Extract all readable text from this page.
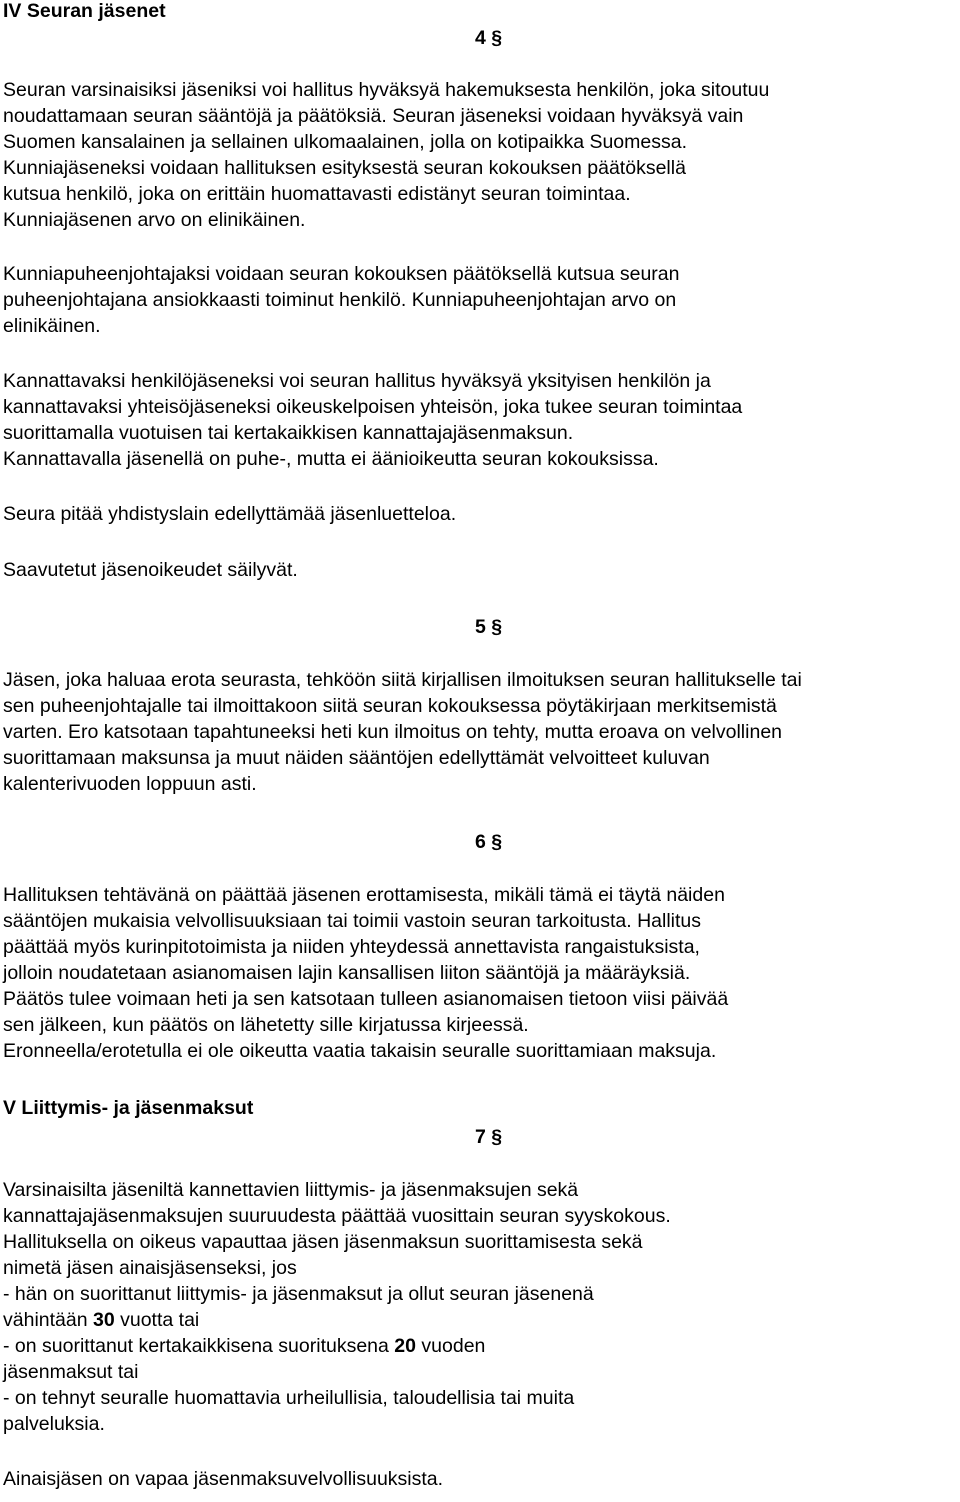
IV Seuran jäsenet
4 §
Seuran varsinaisiksi jäseniksi voi hallitus hyväksyä hakemuksesta henkilön, joka sitoutuu
noudattamaan seuran sääntöjä ja päätöksiä. Seuran jäseneksi voidaan hyväksyä vain
Suomen kansalainen ja sellainen ulkomaalainen, jolla on kotipaikka Suomessa.
Kunniajäseneksi voidaan hallituksen esityksestä seuran kokouksen päätöksellä
kutsua henkilö, joka on erittäin huomattavasti edistänyt seuran toimintaa.
Kunniajäsenen arvo on elinikäinen.
Kunniapuheenjohtajaksi voidaan seuran kokouksen päätöksellä kutsua seuran
puheenjohtajana ansiokkaasti toiminut henkilö. Kunniapuheenjohtajan arvo on
elinikäinen.
Kannattavaksi henkilöjäseneksi voi seuran hallitus hyväksyä yksityisen henkilön ja
kannattavaksi yhteisöjäseneksi oikeuskelpoisen yhteisön, joka tukee seuran toimintaa
suorittamalla vuotuisen tai kertakaikkisen kannattajajäsenmaksun.
Kannattavalla jäsenellä on puhe-, mutta ei äänioikeutta seuran kokouksissa.
Seura pitää yhdistyslain edellyttämää jäsenluetteloa.
Saavutetut jäsenoikeudet säilyvät.
5 §
Jäsen, joka haluaa erota seurasta, tehköön siitä kirjallisen ilmoituksen seuran hallitukselle tai
sen puheenjohtajalle tai ilmoittakoon siitä seuran kokouksessa pöytäkirjaan merkitsemistä
varten. Ero katsotaan tapahtuneeksi heti kun ilmoitus on tehty, mutta eroava on velvollinen
suorittamaan maksunsa ja muut näiden sääntöjen edellyttämät velvoitteet kuluvan
kalenterivuoden loppuun asti.
6 §
Hallituksen tehtävänä on päättää jäsenen erottamisesta, mikäli tämä ei täytä näiden
sääntöjen mukaisia velvollisuuksiaan tai toimii vastoin seuran tarkoitusta. Hallitus
päättää myös kurinpitotoimista ja niiden yhteydessä annettavista rangaistuksista,
jolloin noudatetaan asianomaisen lajin kansallisen liiton sääntöjä ja määräyksiä.
Päätös tulee voimaan heti ja sen katsotaan tulleen asianomaisen tietoon viisi päivää
sen jälkeen, kun päätös on lähetetty sille kirjatussa kirjeessä.
Eronneella/erotetulla ei ole oikeutta vaatia takaisin seuralle suorittamiaan maksuja.
V Liittymis- ja jäsenmaksut
7 §
Varsinaisilta jäseniltä kannettavien liittymis- ja jäsenmaksujen sekä
kannattajajäsenmaksujen suuruudesta päättää vuosittain seuran syyskokous.
Hallituksella on oikeus vapauttaa jäsen jäsenmaksun suorittamisesta sekä
nimetä jäsen ainaisjäsenseksi, jos
- hän on suorittanut liittymis- ja jäsenmaksut ja ollut seuran jäsenenä
vähintään 30 vuotta tai
- on suorittanut kertakaikkisena suorituksena 20 vuoden
jäsenmaksut tai
- on tehnyt seuralle huomattavia urheilullisia, taloudellisia tai muita
palveluksia.
Ainaisjäsen on vapaa jäsenmaksuvelvollisuuksista.
